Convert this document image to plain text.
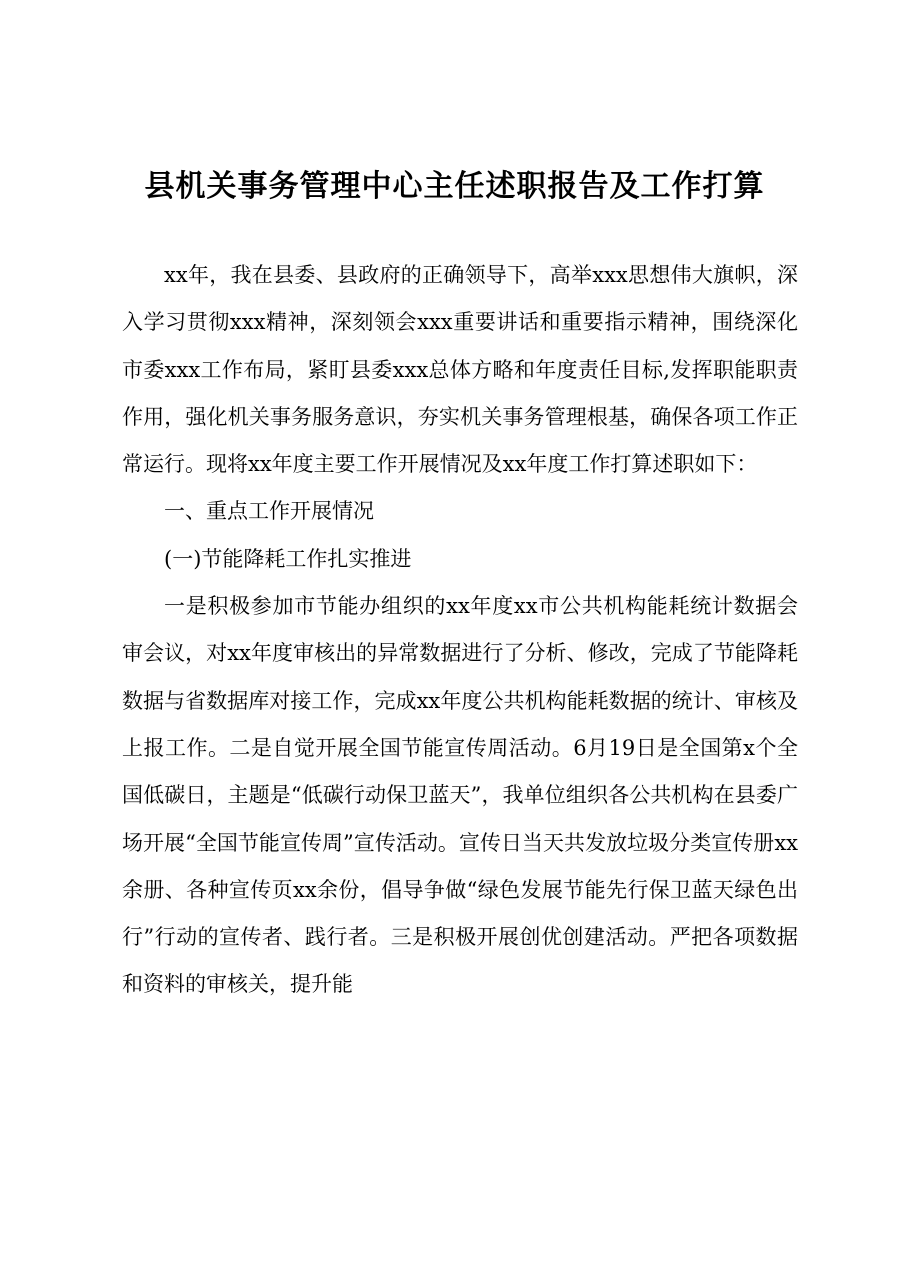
县机关事务管理中心主任述职报告及工作打算

xx年，我在县委、县政府的正确领导下，高举xxx思想伟大旗帜，深入学习贯彻xxx精神，深刻领会xxx重要讲话和重要指示精神，围绕深化市委xxx工作布局，紧盯县委xxx总体方略和年度责任目标,发挥职能职责作用，强化机关事务服务意识，夯实机关事务管理根基，确保各项工作正常运行。现将xx年度主要工作开展情况及xx年度工作打算述职如下：

一、重点工作开展情况

(一)节能降耗工作扎实推进

一是积极参加市节能办组织的xx年度xx市公共机构能耗统计数据会审会议，对xx年度审核出的异常数据进行了分析、修改，完成了节能降耗数据与省数据库对接工作，完成xx年度公共机构能耗数据的统计、审核及上报工作。二是自觉开展全国节能宣传周活动。6月19日是全国第x个全国低碳日，主题是“低碳行动保卫蓝天”，我单位组织各公共机构在县委广场开展“全国节能宣传周”宣传活动。宣传日当天共发放垃圾分类宣传册xx余册、各种宣传页xx余份，倡导争做“绿色发展节能先行保卫蓝天绿色出行”行动的宣传者、践行者。三是积极开展创优创建活动。严把各项数据和资料的审核关，提升能
